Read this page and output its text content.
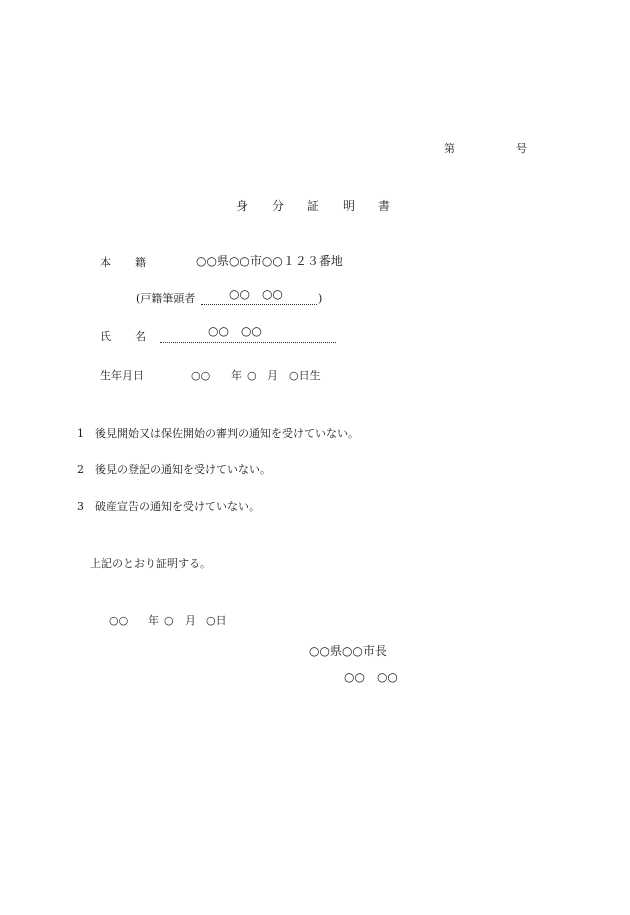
第	号
身 分 証 明 書
本 籍	○○県○○市○○１２３番地
(戸籍筆頭者	○○　○○	)
氏 名	○○　○○
生年月日	○○ 年 ○ 月 ○日生
1 後見開始又は保佐開始の審判の通知を受けていない。
2 後見の登記の通知を受けていない。
3 破産宣告の通知を受けていない。
上記のとおり証明する。
○○ 年 ○ 月 ○日
○○県○○市長
○○　○○
